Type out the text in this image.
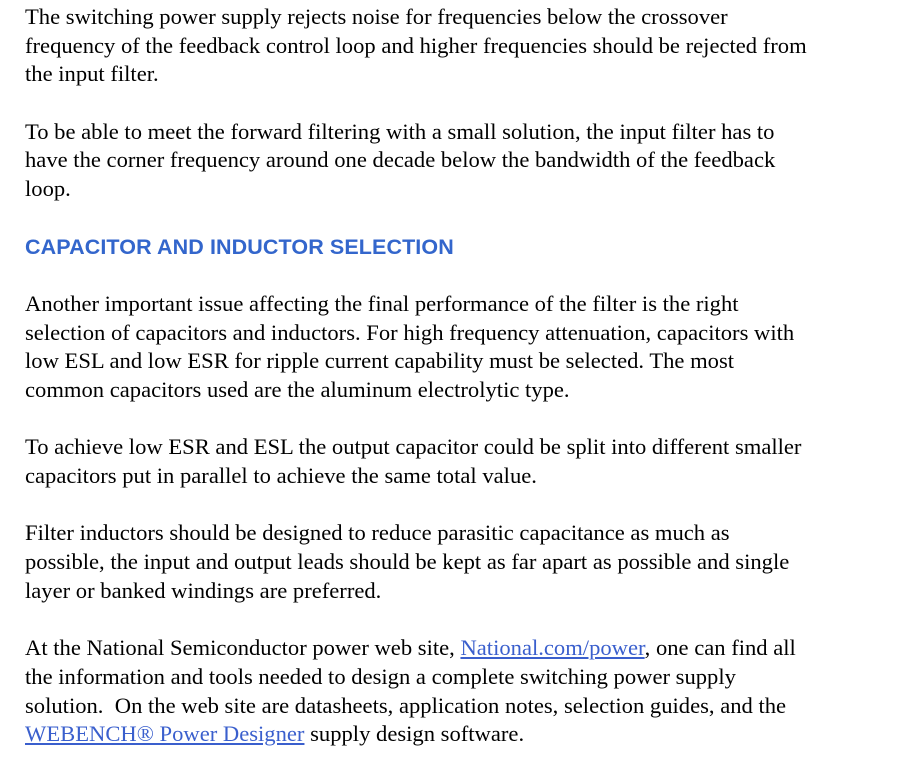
The switching power supply rejects noise for frequencies below the crossover
frequency of the feedback control loop and higher frequencies should be rejected from
the input filter.
To be able to meet the forward filtering with a small solution, the input filter has to
have the corner frequency around one decade below the bandwidth of the feedback
loop.
CAPACITOR AND INDUCTOR SELECTION
Another important issue affecting the final performance of the filter is the right
selection of capacitors and inductors. For high frequency attenuation, capacitors with
low ESL and low ESR for ripple current capability must be selected. The most
common capacitors used are the aluminum electrolytic type.
To achieve low ESR and ESL the output capacitor could be split into different smaller
capacitors put in parallel to achieve the same total value.
Filter inductors should be designed to reduce parasitic capacitance as much as
possible, the input and output leads should be kept as far apart as possible and single
layer or banked windings are preferred.
At the National Semiconductor power web site, National.com/power, one can find all
the information and tools needed to design a complete switching power supply
solution.  On the web site are datasheets, application notes, selection guides, and the
WEBENCH® Power Designer supply design software.
